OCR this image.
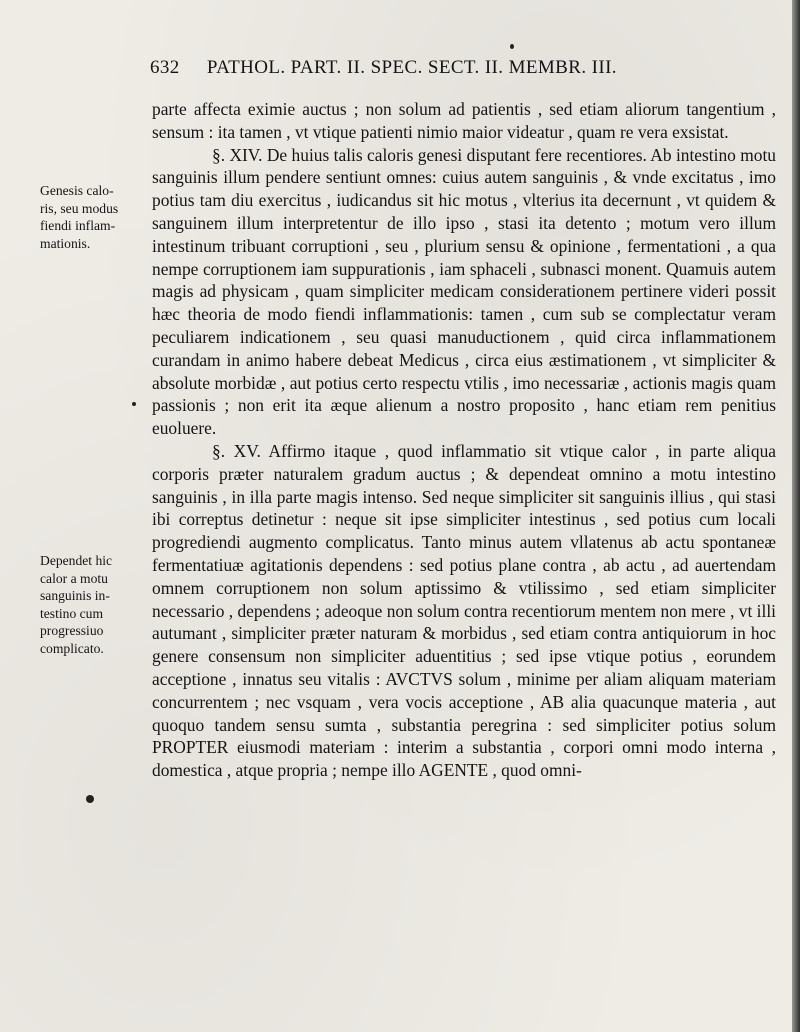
632 PATHOL. PART. II. SPEC. SECT. II. MEMBR. III.
Genesis calo-
ris, seu modus
fiendi inflam-
mationis.
Dependet hic
calor a motu
sanguinis in-
testino cum
progressiuo
complicato.

parte affecta eximie auctus ; non solum ad patientis , sed etiam aliorum tangentium , sensum : ita tamen , vt vtique patienti nimio maior videatur , quam re vera exsistat.

§. XIV. De huius talis caloris genesi disputant fere recentiores. Ab intestino motu sanguinis illum pendere sentiunt omnes: cuius autem sanguinis , & vnde excitatus , imo potius tam diu exercitus , iudicandus sit hic motus , vlterius ita decernunt , vt quidem & sanguinem illum interpretentur de illo ipso , stasi ita detento ; motum vero illum intestinum tribuant corruptioni , seu , plurium sensu & opinione , fermentationi , a qua nempe corruptionem iam suppurationis , iam sphaceli , subnasci monent. Quamuis autem magis ad physicam , quam simpliciter medicam considerationem pertinere videri possit hæc theoria de modo fiendi inflammationis: tamen , cum sub se complectatur veram peculiarem indicationem , seu quasi manuductionem , quid circa inflammationem curandam in animo habere debeat Medicus , circa eius æstimationem , vt simpliciter & absolute morbidæ , aut potius certo respectu vtilis , imo necessariæ , actionis magis quam passionis ; non erit ita æque alienum a nostro proposito , hanc etiam rem penitius euoluere.

§. XV. Affirmo itaque , quod inflammatio sit vtique calor , in parte aliqua corporis præter naturalem gradum auctus ; & dependeat omnino a motu intestino sanguinis , in illa parte magis intenso. Sed neque simpliciter sit sanguinis illius , qui stasi ibi correptus detinetur : neque sit ipse simpliciter intestinus , sed potius cum locali progrediendi augmento complicatus. Tanto minus autem vllatenus ab actu spontaneæ fermentatiuæ agitationis dependens : sed potius plane contra , ab actu , ad auertendam omnem corruptionem non solum aptissimo & vtilissimo , sed etiam simpliciter necessario , dependens ; adeoque non solum contra recentiorum mentem non mere , vt illi autumant , simpliciter præter naturam & morbidus , sed etiam contra antiquiorum in hoc genere consensum non simpliciter aduentitius ; sed ipse vtique potius , eorundem acceptione , innatus seu vitalis : AVCTVS solum , minime per aliam aliquam materiam concurrentem ; nec vsquam , vera vocis acceptione , AB alia quacunque materia , aut quoquo tandem sensu sumta , substantia peregrina : sed simpliciter potius solum PROPTER eiusmodi materiam : interim a substantia , corpori omni modo interna , domestica , atque propria ; nempe illo AGENTE , quod omni-
